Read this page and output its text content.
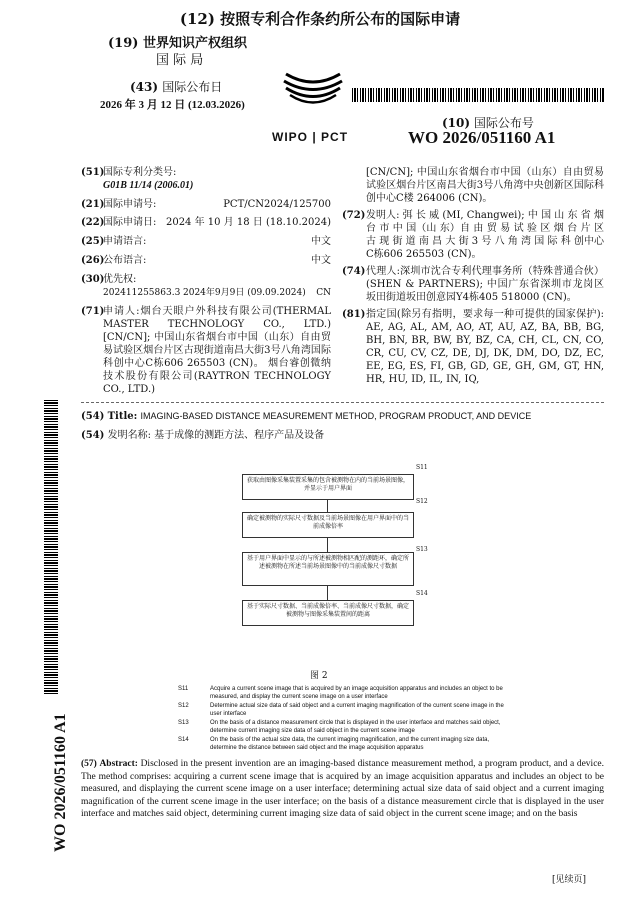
(12) 按照专利合作条约所公布的国际申请
(19) 世界知识产权组织
国 际 局
(43) 国际公布日
2026 年 3 月 12 日 (12.03.2026)
WIPO | PCT
(10) 国际公布号
WO 2026/051160 A1
(51)
国际专利分类号:
G01B 11/14 (2006.01)
(21)
国际申请号:	PCT/CN2024/125700
(22)
国际申请日: 2024 年 10 月 18 日 (18.10.2024)
(25)
申请语言:	中文
(26)
公布语言:	中文
(30)
优先权:
202411255863.3 2024年9月9日 (09.09.2024)	CN
(71)
申请人:烟台天眼户外科技有限公司(THERMAL MASTER TECHNOLOGY CO., LTD.) [CN/CN]; 中国山东省烟台市中国（山东）自由贸易试验区烟台片区古现街道南昌大街3号八角湾国际科创中心C栋606 265503 (CN)。 烟台睿创微纳技术股份有限公司(RAYTRON TECHNOLOGY CO., LTD.)
[CN/CN]; 中国山东省烟台市中国（山东）自由贸易试验区烟台片区南昌大街3号八角湾中央创新区国际科创中心C楼 264006 (CN)。
(72) 发明人: 弭 长 威 (MI, Changwei); 中 国 山 东 省 烟 台 市 中 国（山 东）自 由 贸 易 试 验 区 烟 台 片 区 古 现 街 道 南 昌 大 街 3 号 八 角 湾 国 际 科 创中心C栋606 265503 (CN)。
(74) 代理人:深圳市沈合专利代理事务所（特殊普通合伙）(SHEN & PARTNERS); 中国广东省深圳市龙岗区坂田街道坂田创意园Y4栋405 518000 (CN)。
(81) 指定国(除另有指明，要求每一种可提供的国家保护): AE, AG, AL, AM, AO, AT, AU, AZ, BA, BB, BG, BH, BN, BR, BW, BY, BZ, CA, CH, CL, CN, CO, CR, CU, CV, CZ, DE, DJ, DK, DM, DO, DZ, EC, EE, EG, ES, FI, GB, GD, GE, GH, GM, GT, HN, HR, HU, ID, IL, IN, IQ,
(54) Title: IMAGING-BASED DISTANCE MEASUREMENT METHOD, PROGRAM PRODUCT, AND DEVICE
(54) 发明名称: 基于成像的测距方法、程序产品及设备
S11
获取由图像采集装置采集的包含被测物在内的当前场景图像，并显示于用户界面
S12
确定被测物的实际尺寸数据及当前场景图像在用户界面中的当前成像倍率
S13
基于用户界面中显示的与所述被测物相匹配的测距环，确定所述被测物在所述当前场景图像中的当前成像尺寸数据
S14
基于实际尺寸数据、当前成像倍率、当前成像尺寸数据，确定被测物与图像采集装置间的距离
图 2
S11	Acquire a current scene image that is acquired by an image acquisition apparatus and includes an object to be measured, and display the current scene image on a user interface
S12	Determine actual size data of said object and a current imaging magnification of the current scene image in the user interface
S13	On the basis of a distance measurement circle that is displayed in the user interface and matches said object, determine current imaging size data of said object in the current scene image
S14	On the basis of the actual size data, the current imaging magnification, and the current imaging size data, determine the distance between said object and the image acquisition apparatus
(57) Abstract: Disclosed in the present invention are an imaging-based distance measurement method, a program product, and a device. The method comprises: acquiring a current scene image that is acquired by an image acquisition apparatus and includes an object to be measured, and displaying the current scene image on a user interface; determining actual size data of said object and a current imaging magnification of the current scene image in the user interface; on the basis of a distance measurement circle that is displayed in the user interface and matches said object, determining current imaging size data of said object in the current scene image; and on the basis
WO 2026/051160 A1
[见续页]
